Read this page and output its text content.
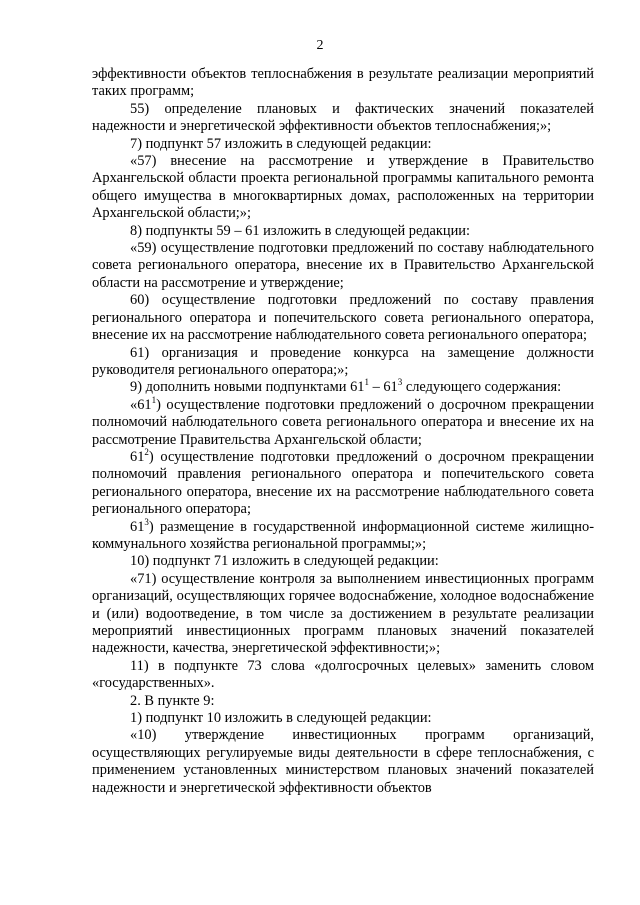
2

эффективности объектов теплоснабжения в результате реализации мероприятий таких программ;

55) определение плановых и фактических значений показателей надежности и энергетической эффективности объектов теплоснабжения;»;

7) подпункт 57 изложить в следующей редакции:

«57) внесение на рассмотрение и утверждение в Правительство Архангельской области проекта региональной программы капитального ремонта общего имущества в многоквартирных домах, расположенных на территории Архангельской области;»;

8) подпункты 59 – 61 изложить в следующей редакции:

«59) осуществление подготовки предложений по составу наблюдательного совета регионального оператора, внесение их в Правительство Архангельской области на рассмотрение и утверждение;

60) осуществление подготовки предложений по составу правления регионального оператора и попечительского совета регионального оператора, внесение их на рассмотрение наблюдательного совета регионального оператора;

61) организация и проведение конкурса на замещение должности руководителя регионального оператора;»;

9) дополнить новыми подпунктами $61^1 - 61^3$ следующего содержания:

«$61^1$) осуществление подготовки предложений о досрочном прекращении полномочий наблюдательного совета регионального оператора и внесение их на рассмотрение Правительства Архангельской области;

$61^2$) осуществление подготовки предложений о досрочном прекращении полномочий правления регионального оператора и попечительского совета регионального оператора, внесение их на рассмотрение наблюдательного совета регионального оператора;

$61^3$) размещение в государственной информационной системе жилищно-коммунального хозяйства региональной программы;»;

10) подпункт 71 изложить в следующей редакции:

«71) осуществление контроля за выполнением инвестиционных программ организаций, осуществляющих горячее водоснабжение, холодное водоснабжение и (или) водоотведение, в том числе за достижением в результате реализации мероприятий инвестиционных программ плановых значений показателей надежности, качества, энергетической эффективности;»;

11) в подпункте 73 слова «долгосрочных целевых» заменить словом «государственных».

2. В пункте 9:

1) подпункт 10 изложить в следующей редакции:

«10) утверждение инвестиционных программ организаций, осуществляющих регулируемые виды деятельности в сфере теплоснабжения, с применением установленных министерством плановых значений показателей надежности и энергетической эффективности объектов
